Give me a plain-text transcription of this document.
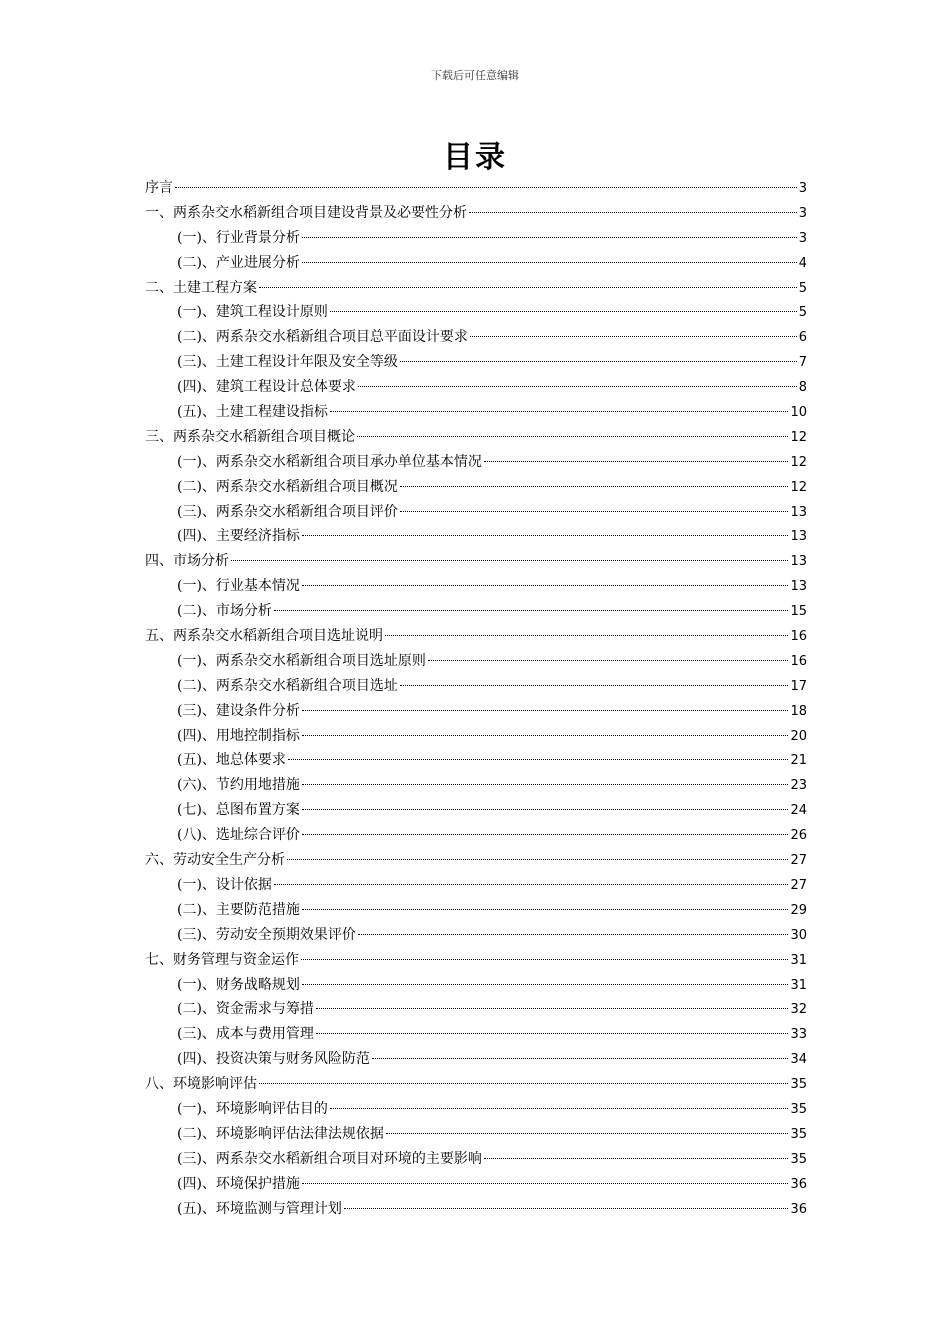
下载后可任意编辑
目录
序言	3
一、两系杂交水稻新组合项目建设背景及必要性分析	3
(一)、行业背景分析	3
(二)、产业进展分析	4
二、土建工程方案	5
(一)、建筑工程设计原则	5
(二)、两系杂交水稻新组合项目总平面设计要求	6
(三)、土建工程设计年限及安全等级	7
(四)、建筑工程设计总体要求	8
(五)、土建工程建设指标	10
三、两系杂交水稻新组合项目概论	12
(一)、两系杂交水稻新组合项目承办单位基本情况	12
(二)、两系杂交水稻新组合项目概况	12
(三)、两系杂交水稻新组合项目评价	13
(四)、主要经济指标	13
四、市场分析	13
(一)、行业基本情况	13
(二)、市场分析	15
五、两系杂交水稻新组合项目选址说明	16
(一)、两系杂交水稻新组合项目选址原则	16
(二)、两系杂交水稻新组合项目选址	17
(三)、建设条件分析	18
(四)、用地控制指标	20
(五)、地总体要求	21
(六)、节约用地措施	23
(七)、总图布置方案	24
(八)、选址综合评价	26
六、劳动安全生产分析	27
(一)、设计依据	27
(二)、主要防范措施	29
(三)、劳动安全预期效果评价	30
七、财务管理与资金运作	31
(一)、财务战略规划	31
(二)、资金需求与筹措	32
(三)、成本与费用管理	33
(四)、投资决策与财务风险防范	34
八、环境影响评估	35
(一)、环境影响评估目的	35
(二)、环境影响评估法律法规依据	35
(三)、两系杂交水稻新组合项目对环境的主要影响	35
(四)、环境保护措施	36
(五)、环境监测与管理计划	36
